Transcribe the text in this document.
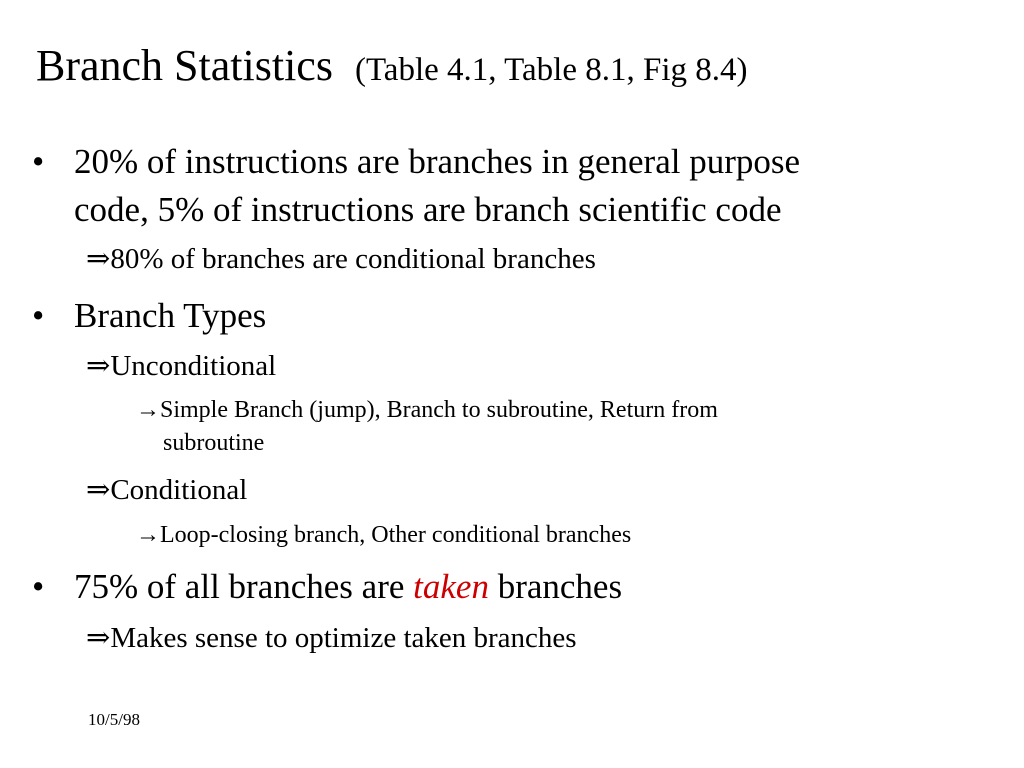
Branch Statistics (Table 4.1, Table 8.1, Fig 8.4)
• 20% of instructions are branches in general purpose
code, 5% of instructions are branch scientific code
⇒80% of branches are conditional branches
• Branch Types
⇒Unconditional
→Simple Branch (jump), Branch to subroutine, Return from
subroutine
⇒Conditional
→Loop-closing branch, Other conditional branches
• 75% of all branches are taken branches
⇒Makes sense to optimize taken branches
10/5/98
